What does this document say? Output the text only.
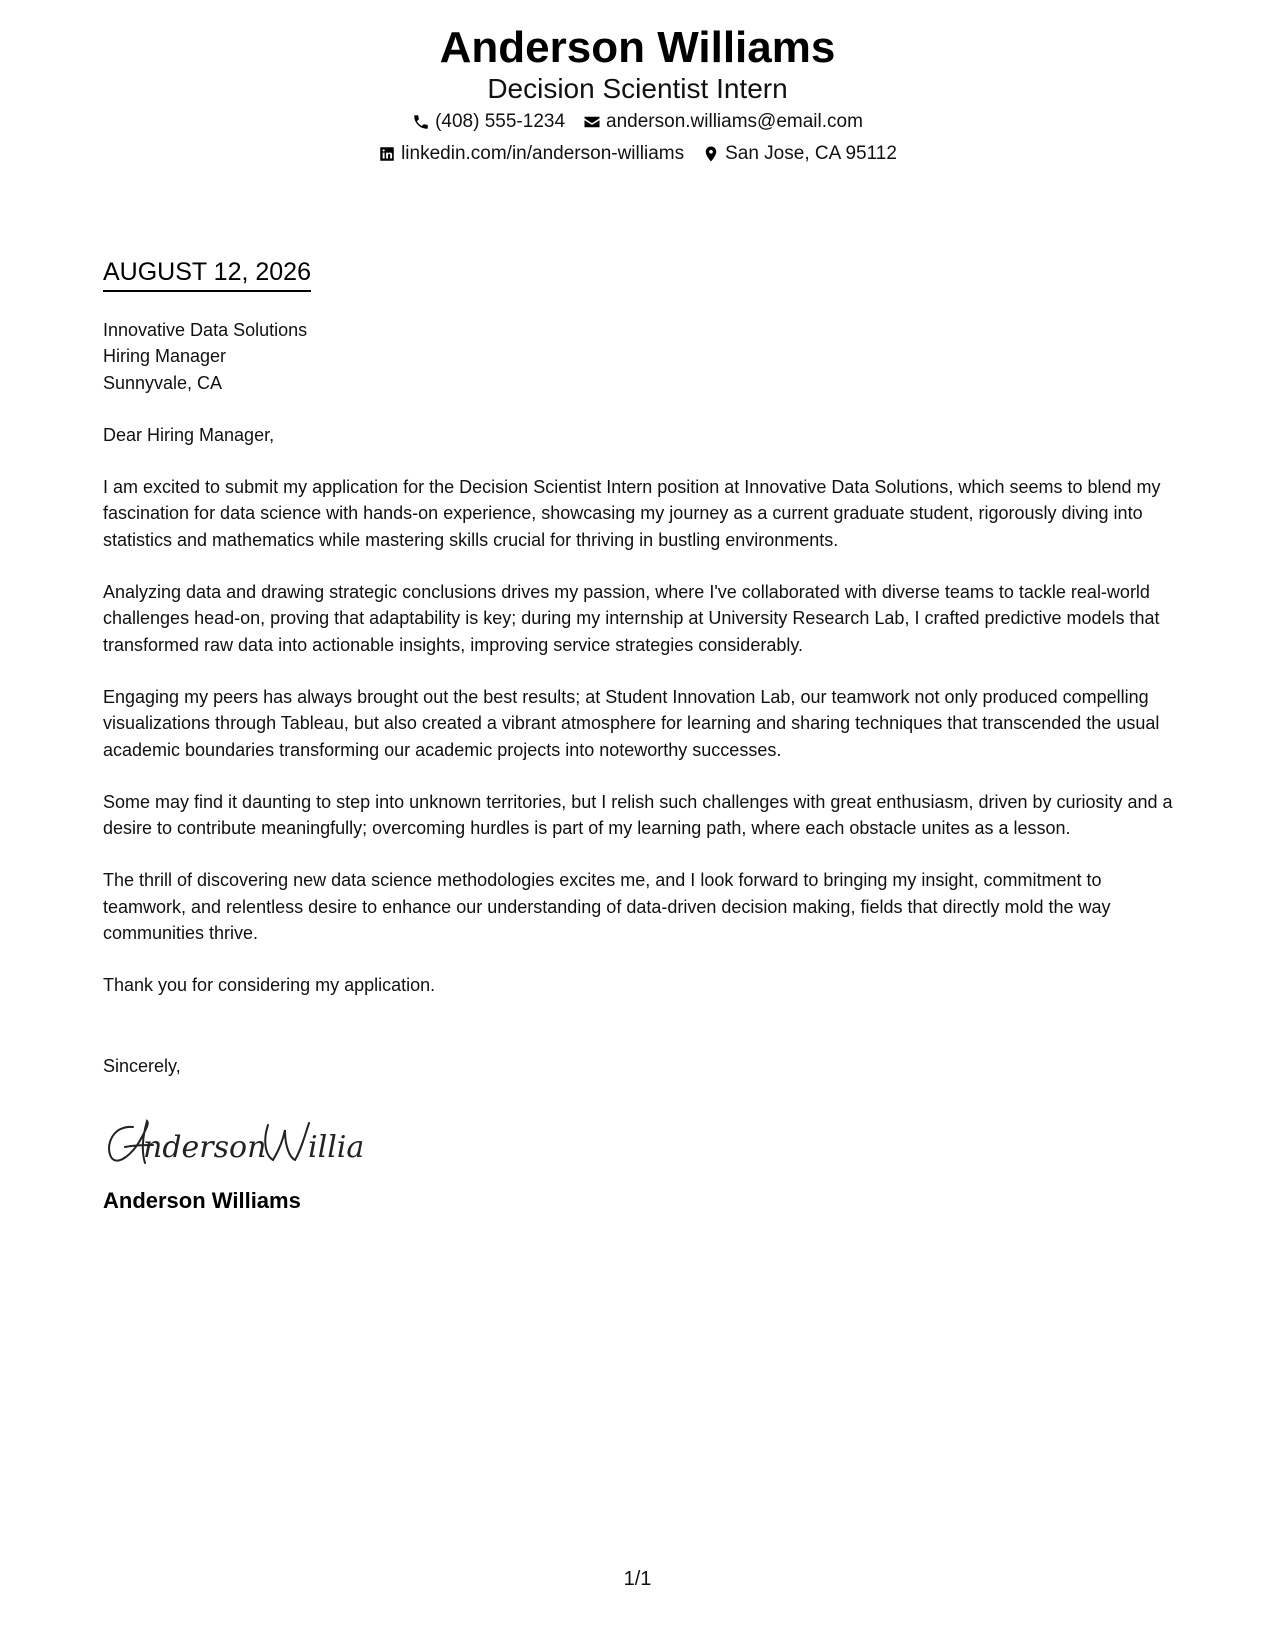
Anderson Williams
Decision Scientist Intern
(408) 555-1234 anderson.williams@email.com
linkedin.com/in/anderson-williams San Jose, CA 95112
AUGUST 12, 2026

Innovative Data Solutions

Hiring Manager

Sunnyvale, CA

Dear Hiring Manager,

I am excited to submit my application for the Decision Scientist Intern position at Innovative Data Solutions, which seems to blend my fascination for data science with hands-on experience, showcasing my journey as a current graduate student, rigorously diving into statistics and mathematics while mastering skills crucial for thriving in bustling environments.

Analyzing data and drawing strategic conclusions drives my passion, where I've collaborated with diverse teams to tackle real-world challenges head-on, proving that adaptability is key; during my internship at University Research Lab, I crafted predictive models that transformed raw data into actionable insights, improving service strategies considerably.

Engaging my peers has always brought out the best results; at Student Innovation Lab, our teamwork not only produced compelling visualizations through Tableau, but also created a vibrant atmosphere for learning and sharing techniques that transcended the usual academic boundaries transforming our academic projects into noteworthy successes.

Some may find it daunting to step into unknown territories, but I relish such challenges with great enthusiasm, driven by curiosity and a desire to contribute meaningfully; overcoming hurdles is part of my learning path, where each obstacle unites as a lesson.

The thrill of discovering new data science methodologies excites me, and I look forward to bringing my insight, commitment to teamwork, and relentless desire to enhance our understanding of data-driven decision making, fields that directly mold the way communities thrive.

Thank you for considering my application.

Sincerely,

nderson illia
Anderson Williams
1/1
